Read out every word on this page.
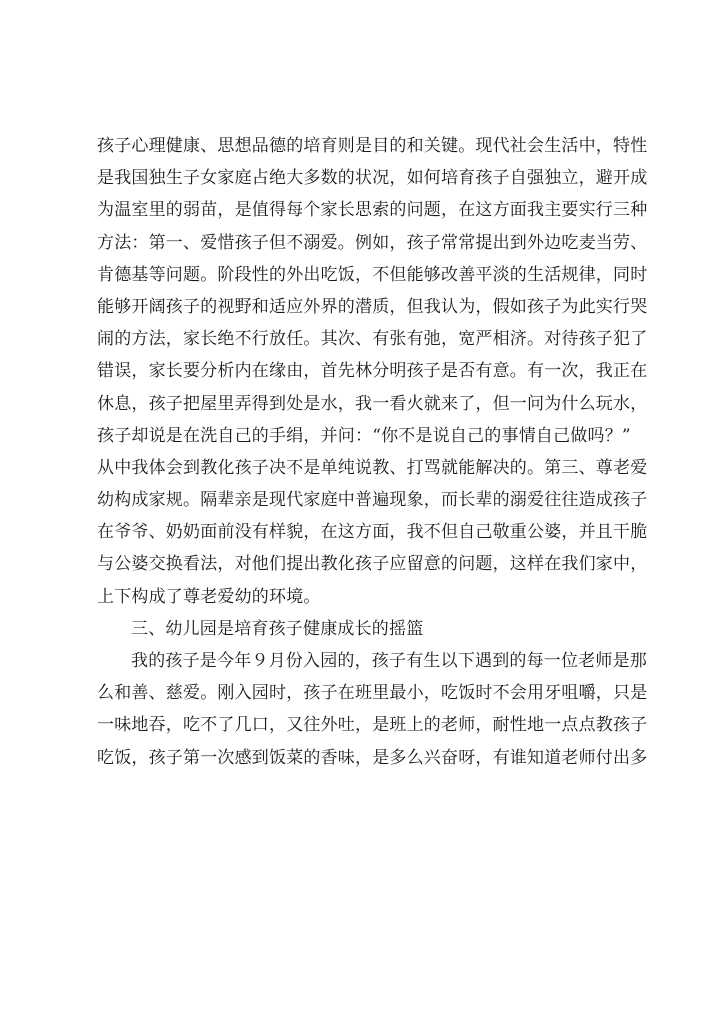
孩子心理健康、思想品德的培育则是目的和关键。现代社会生活中，特性
是我国独生子女家庭占绝大多数的状况，如何培育孩子自强独立，避开成
为温室里的弱苗，是值得每个家长思索的问题，在这方面我主要实行三种
方法：第一、爱惜孩子但不溺爱。例如，孩子常常提出到外边吃麦当劳、
肯德基等问题。阶段性的外出吃饭，不但能够改善平淡的生活规律，同时
能够开阔孩子的视野和适应外界的潜质，但我认为，假如孩子为此实行哭
闹的方法，家长绝不行放任。其次、有张有弛，宽严相济。对待孩子犯了
错误，家长要分析内在缘由，首先林分明孩子是否有意。有一次，我正在
休息，孩子把屋里弄得到处是水，我一看火就来了，但一问为什么玩水，
孩子却说是在洗自己的手绢，并问：“你不是说自己的事情自己做吗？”
从中我体会到教化孩子决不是单纯说教、打骂就能解决的。第三、尊老爱
幼构成家规。隔辈亲是现代家庭中普遍现象，而长辈的溺爱往往造成孩子
在爷爷、奶奶面前没有样貌，在这方面，我不但自己敬重公婆，并且干脆
与公婆交换看法，对他们提出教化孩子应留意的问题，这样在我们家中，
上下构成了尊老爱幼的环境。
三、幼儿园是培育孩子健康成长的摇篮
我的孩子是今年９月份入园的，孩子有生以下遇到的每一位老师是那
么和善、慈爱。刚入园时，孩子在班里最小，吃饭时不会用牙咀嚼，只是
一味地吞，吃不了几口，又往外吐，是班上的老师，耐性地一点点教孩子
吃饭，孩子第一次感到饭菜的香味，是多么兴奋呀，有谁知道老师付出多
